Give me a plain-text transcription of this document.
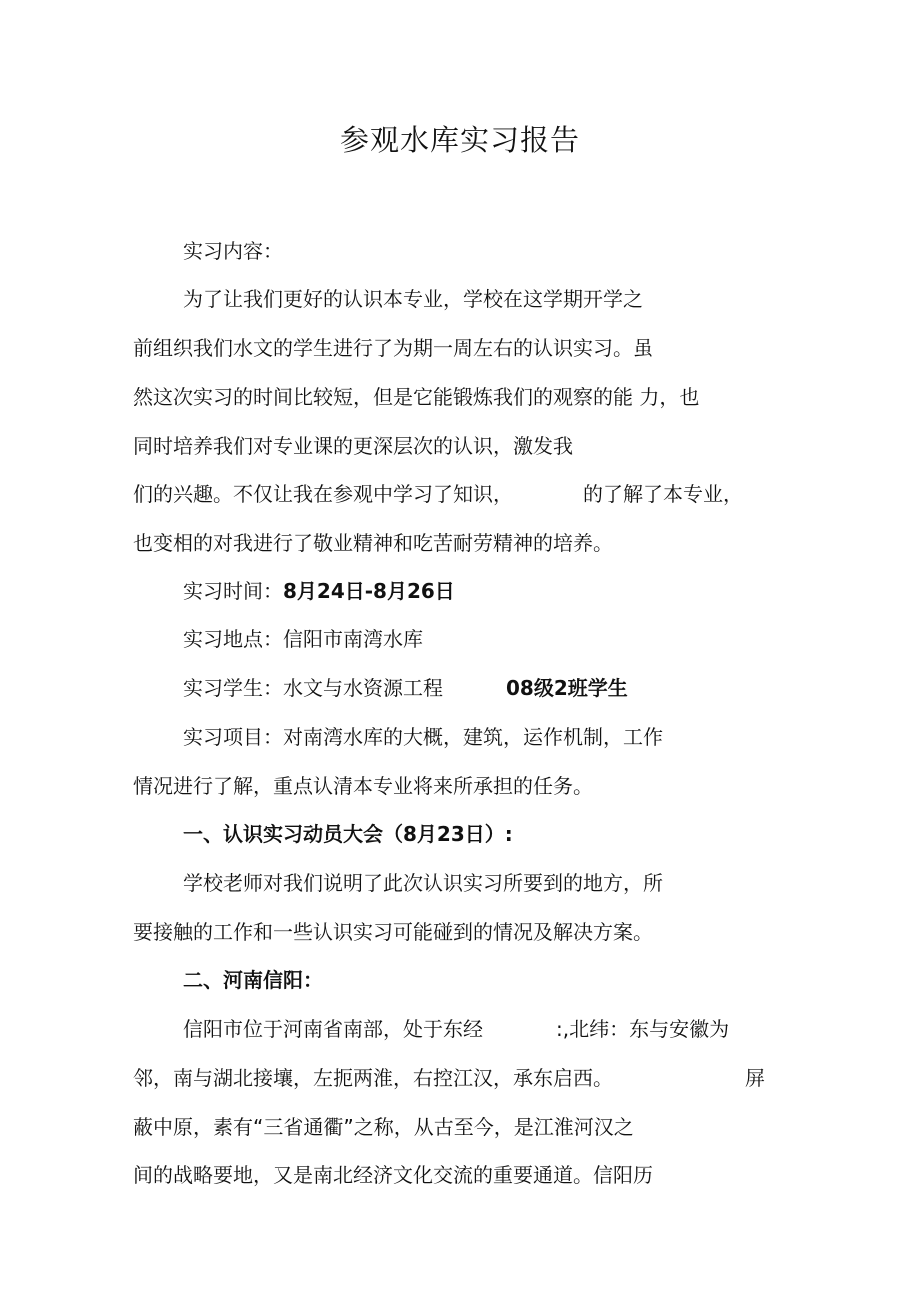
参观水库实习报告
实习内容：
为了让我们更好的认识本专业，学校在这学期开学之
前组织我们水文的学生进行了为期一周左右的认识实习。虽
然这次实习的时间比较短，但是它能锻炼我们的观察的能 力，也
同时培养我们对专业课的更深层次的认识，激发我
们的兴趣。不仅让我在参观中学习了知识，	的了解了本专业，
也变相的对我进行了敬业精神和吃苦耐劳精神的培养。
实习时间：8月24日-8月26日
实习地点：信阳市南湾水库
实习学生：水文与水资源工程	08级2班学生
实习项目：对南湾水库的大概，建筑，运作机制，工作
情况进行了解，重点认清本专业将来所承担的任务。
一、认识实习动员大会（8月23日）:
学校老师对我们说明了此次认识实习所要到的地方，所
要接触的工作和一些认识实习可能碰到的情况及解决方案。
二、河南信阳：
信阳市位于河南省南部，处于东经	:,北纬：东与安徽为
邻，南与湖北接壤，左扼两淮，右控江汉，承东启西。	屏
蔽中原，素有“三省通衢”之称，从古至今，是江淮河汉之
间的战略要地，又是南北经济文化交流的重要通道。信阳历
